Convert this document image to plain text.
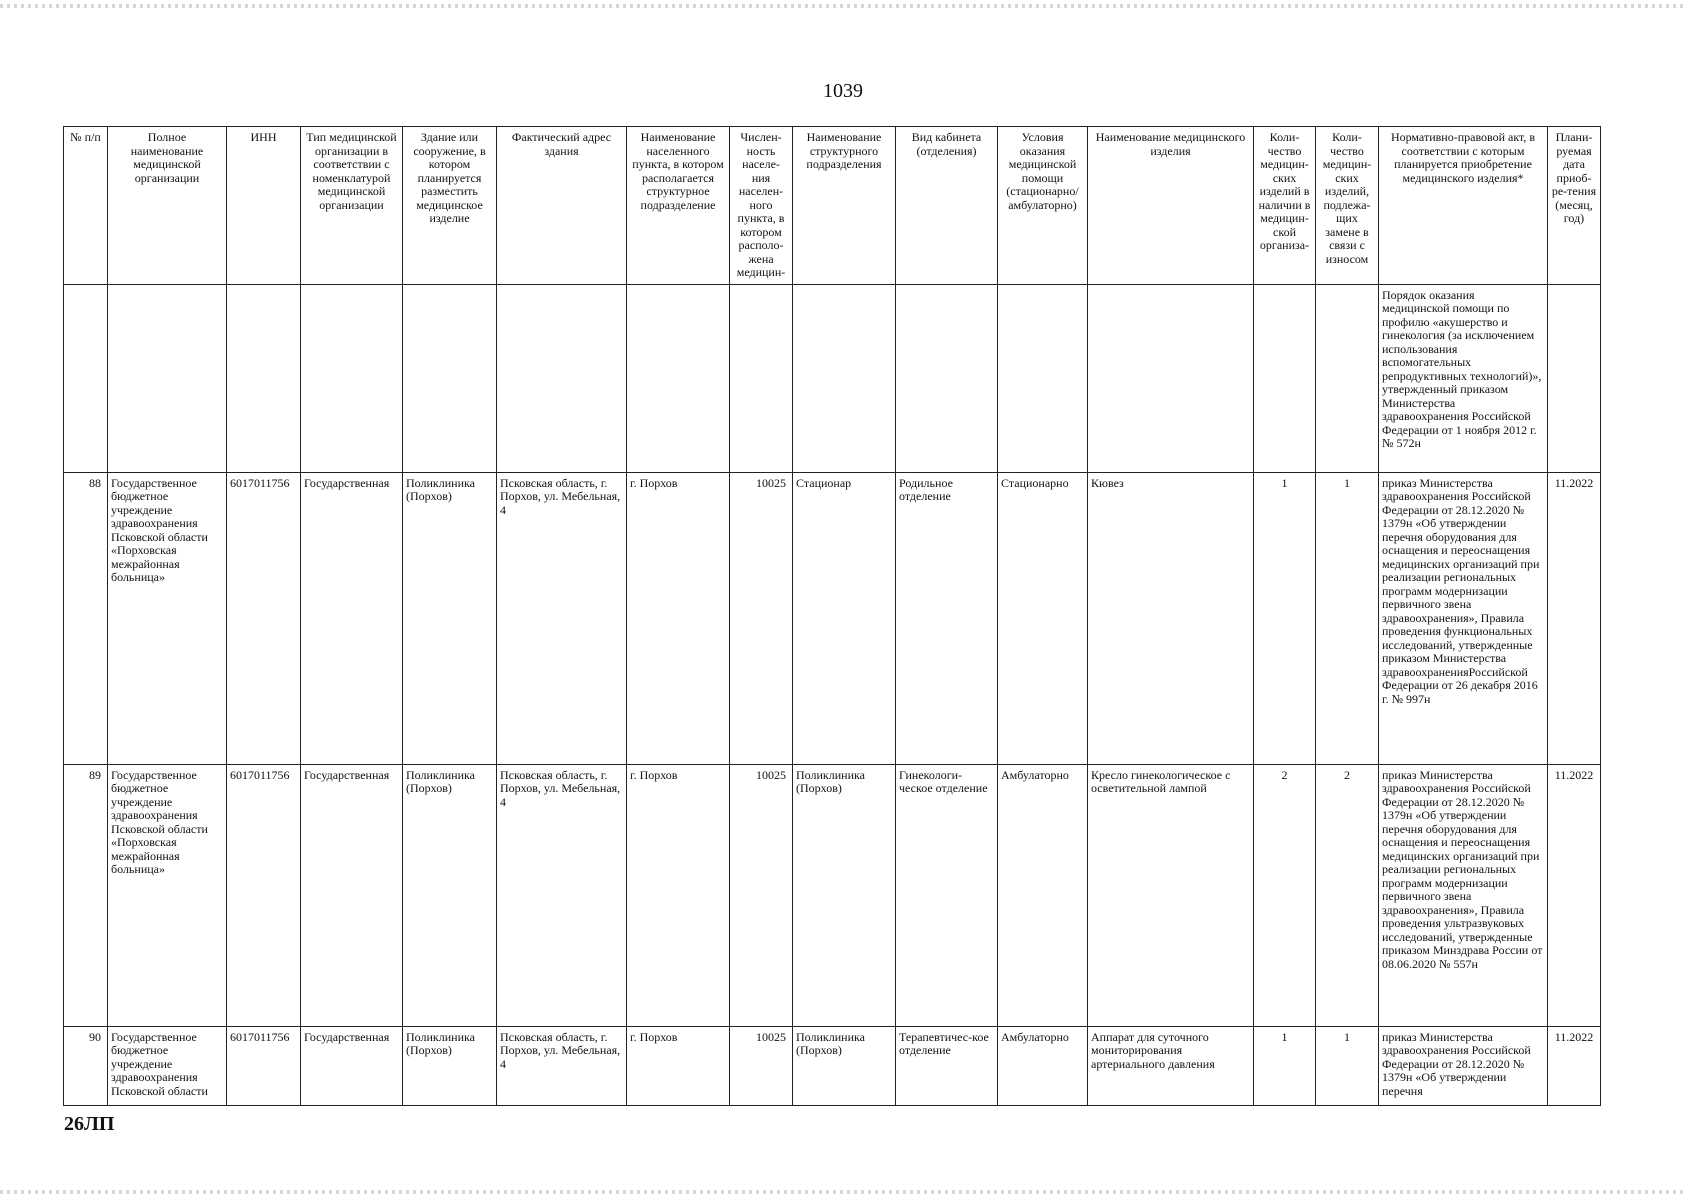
1039
№ п/п	Полное наименование медицинской организации	ИНН	Тип медицинской организации в соответствии с номенклатурой медицинской организации	Здание или сооружение, в котором планируется разместить медицинское изделие	Фактический адрес здания	Наименование населенного пункта, в котором располагается структурное подразделение	Числен-ность населе-ния населен-ного пункта, в котором располо-жена медицин-	Наименование структурного подразделения	Вид кабинета (отделения)	Условия оказания медицинской помощи (стационарно/ амбулаторно)	Наименование медицинского изделия	Коли-чество медицин-ских изделий в наличии в медицин-ской организа-	Коли-чество медицин-ских изделий, подлежа-щих замене в связи с износом	Нормативно-правовой акт, в соответствии с которым планируется приобретение медицинского изделия*	Плани-руемая дата приоб-ре-тения (месяц, год)
														Порядок оказания медицинской помощи по профилю «акушерство и гинекология (за исключением использования вспомогательных репродуктивных технологий)», утвержденный приказом Министерства здравоохранения Российской Федерации от 1 ноября 2012 г. № 572н	
88	Государственное бюджетное учреждение здравоохранения Псковской области «Порховская межрайонная больница»	6017011756	Государственная	Поликлиника (Порхов)	Псковская область, г. Порхов, ул. Мебельная, 4	г. Порхов	10025	Стационар	Родильное отделение	Стационарно	Кювез	1	1	приказ Министерства здравоохранения Российской Федерации от 28.12.2020 № 1379н «Об утверждении перечня оборудования для оснащения и переоснащения медицинских организаций при реализации региональных программ модернизации первичного звена здравоохранения», Правила проведения функциональных исследований, утвержденные приказом Министерства здравоохраненияРоссийской Федерации от 26 декабря 2016 г. № 997н	11.2022
89	Государственное бюджетное учреждение здравоохранения Псковской области «Порховская межрайонная больница»	6017011756	Государственная	Поликлиника (Порхов)	Псковская область, г. Порхов, ул. Мебельная, 4	г. Порхов	10025	Поликлиника (Порхов)	Гинекологи-ческое отделение	Амбулаторно	Кресло гинекологическое с осветительной лампой	2	2	приказ Министерства здравоохранения Российской Федерации от 28.12.2020 № 1379н «Об утверждении перечня оборудования для оснащения и переоснащения медицинских организаций при реализации региональных программ модернизации первичного звена здравоохранения», Правила проведения ультразвуковых исследований, утвержденные приказом Минздрава России от 08.06.2020 № 557н	11.2022
90	Государственное бюджетное учреждение здравоохранения Псковской области	6017011756	Государственная	Поликлиника (Порхов)	Псковская область, г. Порхов, ул. Мебельная, 4	г. Порхов	10025	Поликлиника (Порхов)	Терапевтичес-кое отделение	Амбулаторно	Аппарат для суточного мониторирования артериального давления	1	1	приказ Министерства здравоохранения Российской Федерации от 28.12.2020 № 1379н «Об утверждении перечня	11.2022
26ЛП
